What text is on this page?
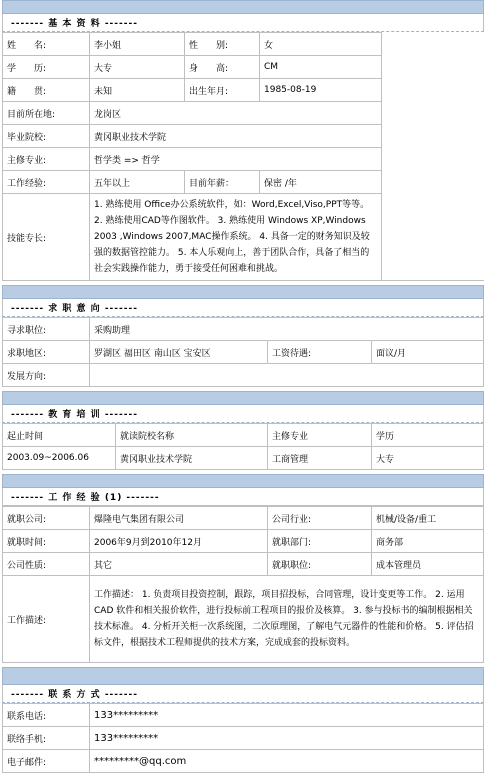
------- 基 本 资 料 -------
姓　　名:	李小姐	性　　别:	女	
学　　历:	大专	身　　高:	CM	
籍　　贯:	未知	出生年月:	1985-08-19	
目前所在地:	龙岗区			
毕业院校:	黄冈职业技术学院			
主修专业:	哲学类 => 哲学			
工作经验:	五年以上	目前年薪：	保密 /年	
技能专长:	1. 熟练使用 Office办公系统软件，如：Word,Excel,Viso,PPT等等。 2. 熟练使用CAD等作图软件。 3. 熟练使用 Windows XP,Windows 2003 ,Windows 2007,MAC操作系统。 4. 具备一定的财务知识及较强的数据管控能力。 5. 本人乐观向上，善于团队合作，具备了相当的社会实践操作能力，勇于接受任何困难和挑战。			
------- 求 职 意 向 -------
寻求职位:	采购助理		
求职地区:	罗湖区 福田区 南山区 宝安区	工资待遇:	面议/月
发展方向:			
------- 教 育 培 训 -------
起止时间	就读院校名称	主修专业	学历
2003.09~2006.06	黄冈职业技术学院	工商管理	大专
------- 工 作 经 验 (1) -------
就职公司:	爆隆电气集团有限公司	公司行业:	机械/设备/重工
就职时间:	2006年9月到2010年12月	就职部门:	商务部
公司性质:	其它	就职职位:	成本管理员
工作描述:	工作描述： 1. 负责项目投资控制，跟踪，项目招投标，合同管理，设计变更等工作。 2. 运用 CAD 软件和相关报价软件，进行投标前工程项目的报价及核算。 3. 参与投标书的编制根据相关技术标准。 4. 分析开关柜一次系统图，二次原理图，了解电气元器件的性能和价格。 5. 评估招标文件，根据技术工程师提供的技术方案，完成成套的投标资料。		
------- 联 系 方 式 -------
联系电话:	133*********
联络手机:	133*********
电子邮件:	*********@qq.com
